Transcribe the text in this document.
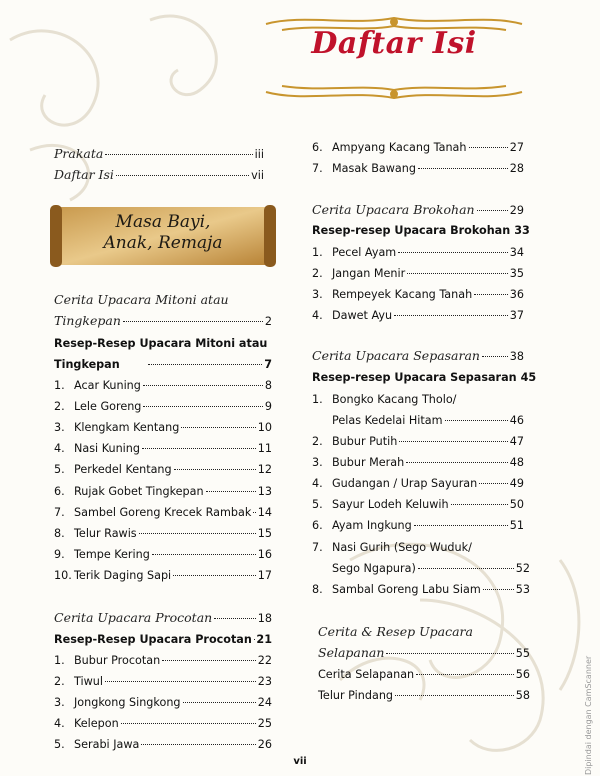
Daftar Isi
Prakata	iii
Daftar Isi	vii
Masa Bayi,
Anak, Remaja
Cerita Upacara Mitoni atau
Tingkepan	2
Resep-Resep Upacara Mitoni atau
Tingkepan	7
1. Acar Kuning	8
2. Lele Goreng	9
3. Klengkam Kentang	10
4. Nasi Kuning	11
5. Perkedel Kentang	12
6. Rujak Gobet Tingkepan	13
7. Sambel Goreng Krecek Rambak 14
8. Telur Rawis	15
9. Tempe Kering	16
10. Terik Daging Sapi	17
Cerita Upacara Procotan	18
Resep-Resep Upacara Procotan 21
1. Bubur Procotan	22
2. Tiwul	23
3. Jongkong Singkong	24
4. Kelepon	25
5. Serabi Jawa	26
6. Ampyang Kacang Tanah	27
7. Masak Bawang	28
Cerita Upacara Brokohan	29
Resep-resep Upacara Brokohan 33
1. Pecel Ayam	34
2. Jangan Menir	35
3. Rempeyek Kacang Tanah	36
4. Dawet Ayu	37
Cerita Upacara Sepasaran	38
Resep-resep Upacara Sepasaran 45
1. Bongko Kacang Tholo/
Pelas Kedelai Hitam	46
2. Bubur Putih	47
3. Bubur Merah	48
4. Gudangan / Urap Sayuran	49
5. Sayur Lodeh Keluwih	50
6. Ayam Ingkung	51
7. Nasi Gurih (Sego Wuduk/
Sego Ngapura)	52
8. Sambal Goreng Labu Siam	53
Cerita & Resep Upacara
Selapanan	55
Cerita Selapanan	56
Telur Pindang	58
vii	Dipindai dengan CamScanner
